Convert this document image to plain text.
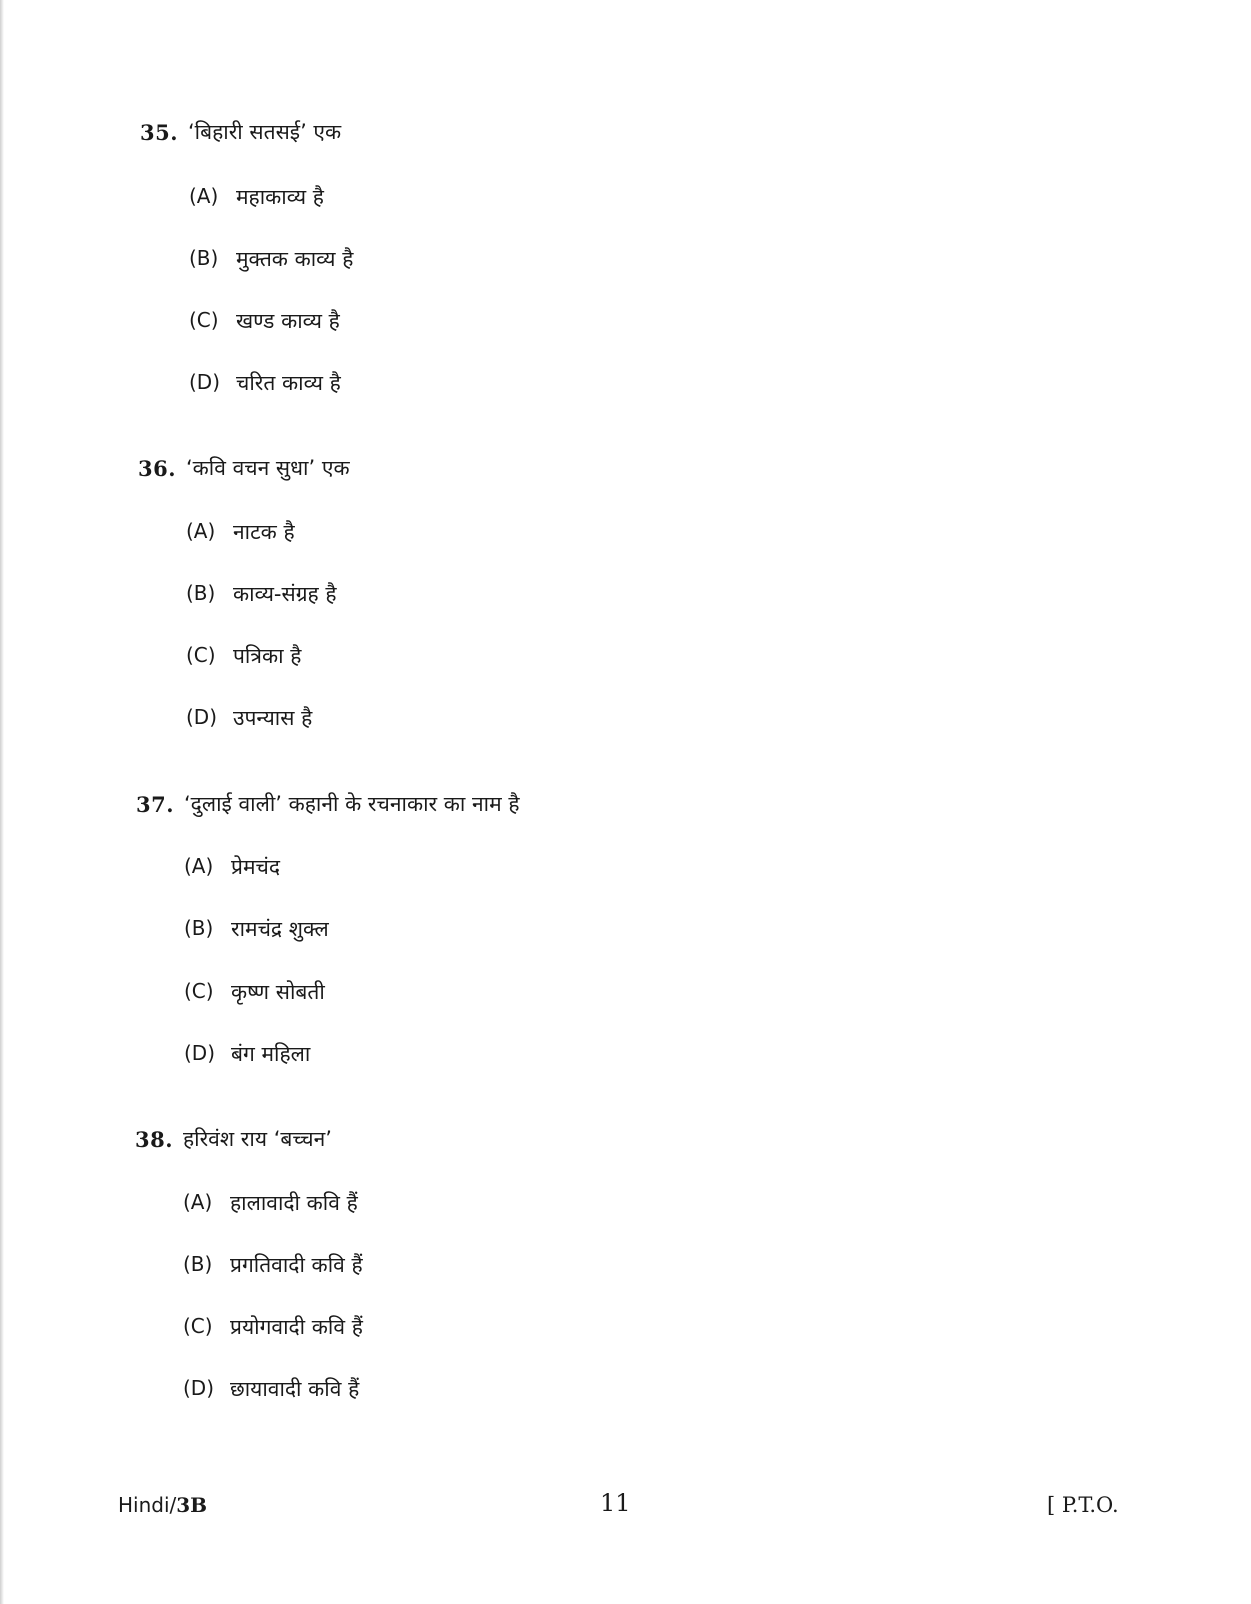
35. ‘बिहारी सतसई’ एक
(A) महाकाव्य है
(B) मुक्तक काव्य है
(C) खण्ड काव्य है
(D) चरित काव्य है
36. ‘कवि वचन सुधा’ एक
(A) नाटक है
(B) काव्य-संग्रह है
(C) पत्रिका है
(D) उपन्यास है
37. ‘दुलाई वाली’ कहानी के रचनाकार का नाम है
(A) प्रेमचंद
(B) रामचंद्र शुक्ल
(C) कृष्ण सोबती
(D) बंग महिला
38. हरिवंश राय ‘बच्चन’
(A) हालावादी कवि हैं
(B) प्रगतिवादी कवि हैं
(C) प्रयोगवादी कवि हैं
(D) छायावादी कवि हैं
Hindi/3B	11	[ P.T.O.
